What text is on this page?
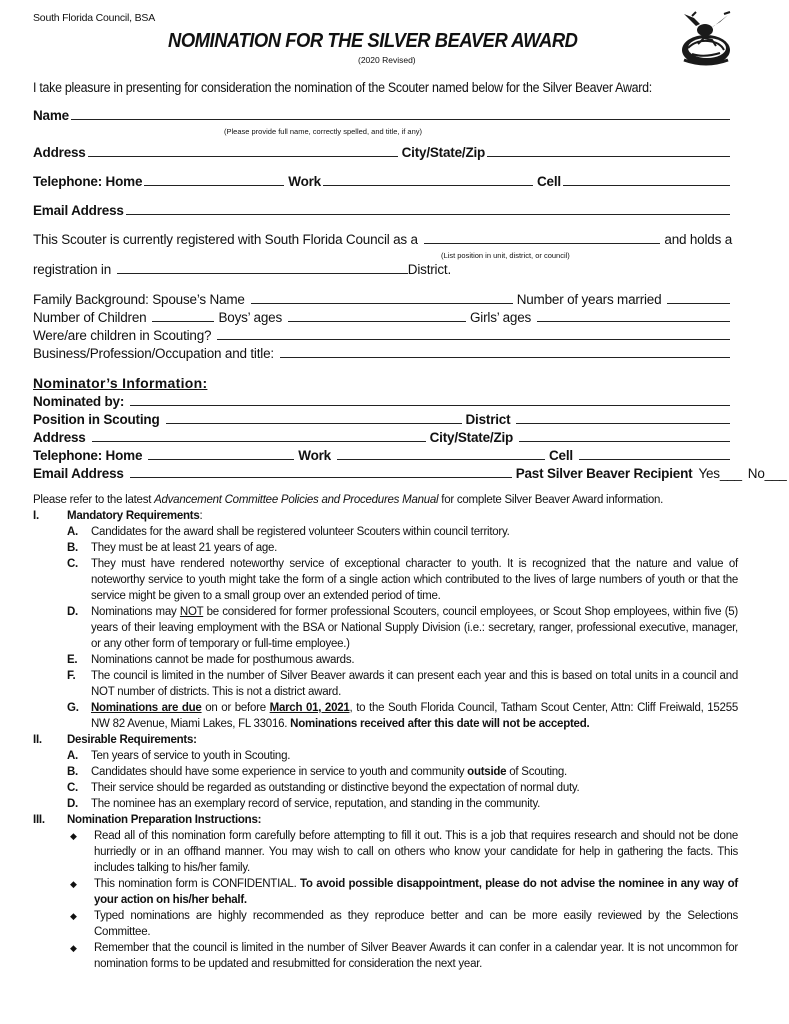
South Florida Council, BSA
NOMINATION FOR THE SILVER BEAVER AWARD
(2020 Revised)
I take pleasure in presenting for consideration the nomination of the Scouter named below for the Silver Beaver Award:
Name
(Please provide full name, correctly spelled, and title, if any)
Address	City/State/Zip
Telephone: Home	Work	Cell
Email Address
This Scouter is currently registered with South Florida Council as a	and holds a
(List position in unit, district, or council)
registration in	District.
Family Background: Spouse’s Name	Number of years married
Number of Children	Boys’ ages	Girls’ ages
Were/are children in Scouting?
Business/Profession/Occupation and title:
Nominator’s Information:
Nominated by:
Position in Scouting	District
Address	City/State/Zip
Telephone: Home	Work	Cell
Email Address	Past Silver Beaver Recipient Yes___ No___

Please refer to the latest Advancement Committee Policies and Procedures Manual for complete Silver Beaver Award information.

I.	Mandatory Requirements:
A.	Candidates for the award shall be registered volunteer Scouters within council territory.
B.	They must be at least 21 years of age.
C.	They must have rendered noteworthy service of exceptional character to youth. It is recognized that the nature and value of noteworthy service to youth might take the form of a single action which contributed to the lives of large numbers of youth or that the service might be given to a small group over an extended period of time.
D.	Nominations may NOT be considered for former professional Scouters, council employees, or Scout Shop employees, within five (5) years of their leaving employment with the BSA or National Supply Division (i.e.: secretary, ranger, professional executive, manager, or any other form of temporary or full-time employee.)
E.	Nominations cannot be made for posthumous awards.
F.	The council is limited in the number of Silver Beaver awards it can present each year and this is based on total units in a council and NOT number of districts. This is not a district award.
G.	Nominations are due on or before March 01, 2021, to the South Florida Council, Tatham Scout Center, Attn: Cliff Freiwald, 15255 NW 82 Avenue, Miami Lakes, FL 33016. Nominations received after this date will not be accepted.
II.	Desirable Requirements:
A.	Ten years of service to youth in Scouting.
B.	Candidates should have some experience in service to youth and community outside of Scouting.
C.	Their service should be regarded as outstanding or distinctive beyond the expectation of normal duty.
D.	The nominee has an exemplary record of service, reputation, and standing in the community.
III.	Nomination Preparation Instructions:
◆	Read all of this nomination form carefully before attempting to fill it out. This is a job that requires research and should not be done hurriedly or in an offhand manner. You may wish to call on others who know your candidate for help in gathering the facts. This includes talking to his/her family.
◆	This nomination form is CONFIDENTIAL. To avoid possible disappointment, please do not advise the nominee in any way of your action on his/her behalf.
◆	Typed nominations are highly recommended as they reproduce better and can be more easily reviewed by the Selections Committee.
◆	Remember that the council is limited in the number of Silver Beaver Awards it can confer in a calendar year. It is not uncommon for nomination forms to be updated and resubmitted for consideration the next year.
